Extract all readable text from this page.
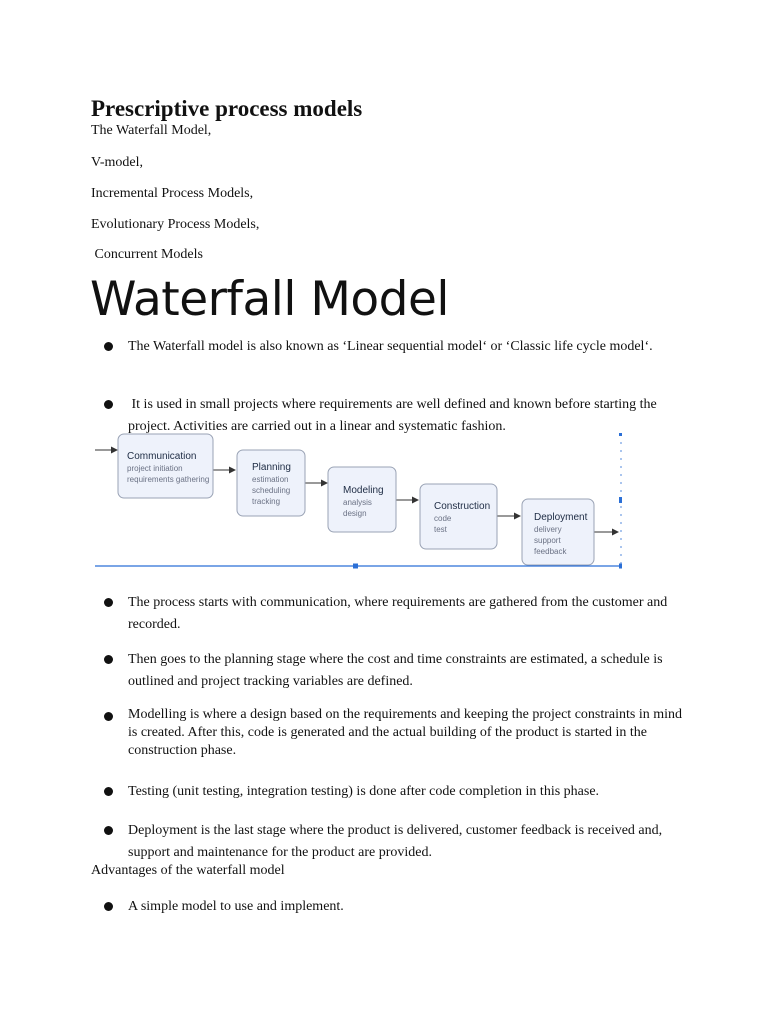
Prescriptive process models
The Waterfall Model,
V-model,
Incremental Process Models,
Evolutionary Process Models,
Concurrent Models
Waterfall Model
The Waterfall model is also known as ‘Linear sequential model‘ or ‘Classic life cycle model‘.
It is used in small projects where requirements are well defined and known before starting the project. Activities are carried out in a linear and systematic fashion.
Communication
project initiation
requirements gathering
Planning
estimation
scheduling
tracking
Modeling
analysis
design
Construction
code
test
Deployment
delivery
support
feedback
The process starts with communication, where requirements are gathered from the customer and recorded.
Then goes to the planning stage where the cost and time constraints are estimated, a schedule is outlined and project tracking variables are defined.
Modelling is where a design based on the requirements and keeping the project constraints in mind is created. After this, code is generated and the actual building of the product is started in the construction phase.
Testing (unit testing, integration testing) is done after code completion in this phase.
Deployment is the last stage where the product is delivered, customer feedback is received and, support and maintenance for the product are provided.

Advantages of the waterfall model

A simple model to use and implement.
